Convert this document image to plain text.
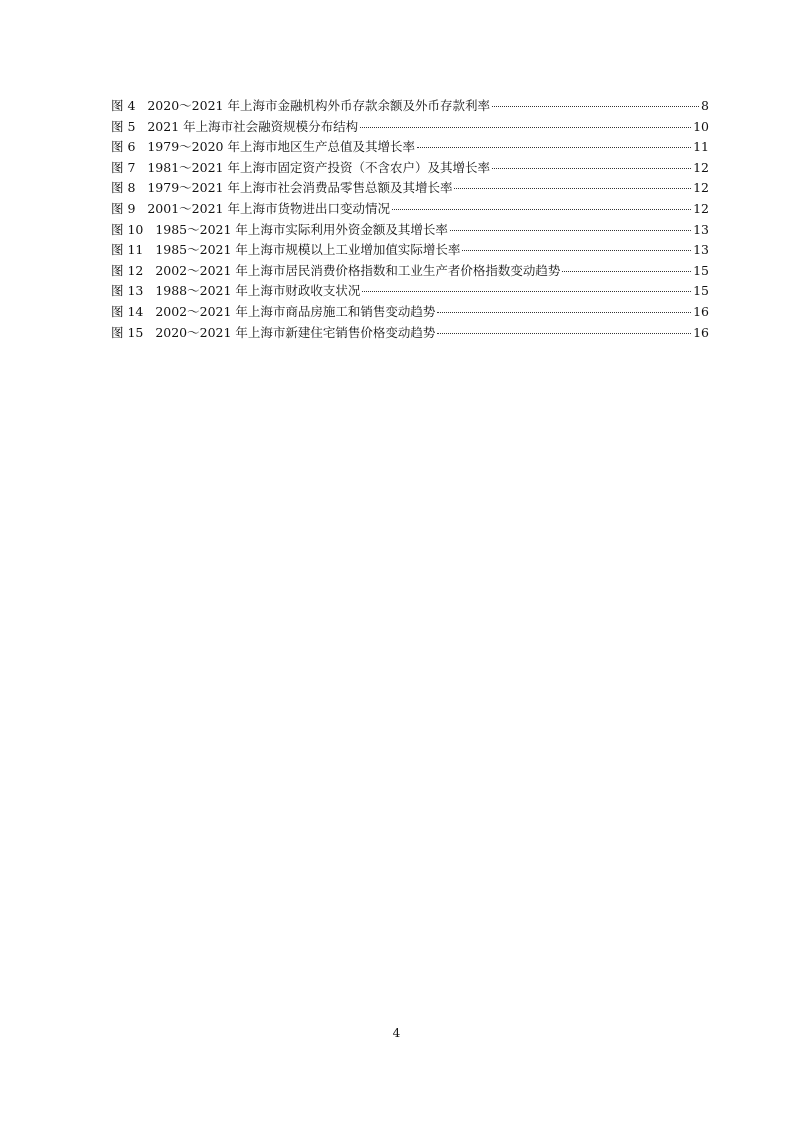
图 4 2020～2021 年上海市金融机构外币存款余额及外币存款利率	8
图 5 2021 年上海市社会融资规模分布结构	10
图 6 1979～2020 年上海市地区生产总值及其增长率	11
图 7 1981～2021 年上海市固定资产投资（不含农户）及其增长率	12
图 8 1979～2021 年上海市社会消费品零售总额及其增长率	12
图 9 2001～2021 年上海市货物进出口变动情况	12
图 10 1985～2021 年上海市实际利用外资金额及其增长率	13
图 11 1985～2021 年上海市规模以上工业增加值实际增长率	13
图 12 2002～2021 年上海市居民消费价格指数和工业生产者价格指数变动趋势	15
图 13 1988～2021 年上海市财政收支状况	15
图 14 2002～2021 年上海市商品房施工和销售变动趋势	16
图 15 2020～2021 年上海市新建住宅销售价格变动趋势	16
4
